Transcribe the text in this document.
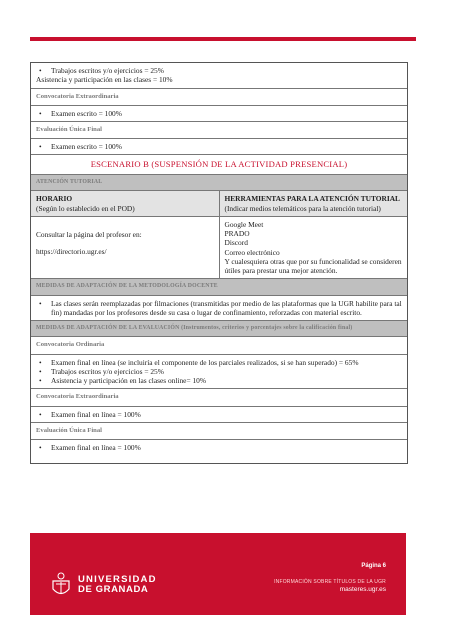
• Trabajos escritos y/o ejercicios = 25%
Asistencia y participación en las clases = 10%
Convocatoria Extraordinaria
• Examen escrito = 100%
Evaluación Única Final
• Examen escrito = 100%
ESCENARIO B (SUSPENSIÓN DE LA ACTIVIDAD PRESENCIAL)
ATENCIÓN TUTORIAL
HORARIO
(Según lo establecido en el POD)
HERRAMIENTAS PARA LA ATENCIÓN TUTORIAL
(Indicar medios telemáticos para la atención tutorial)
Consultar la página del profesor en:
https://directorio.ugr.es/
Google Meet
PRADO
Discord
Correo electrónico
Y cualesquiera otras que por su funcionalidad se consideren útiles para prestar una mejor atención.
MEDIDAS DE ADAPTACIÓN DE LA METODOLOGÍA DOCENTE
• Las clases serán reemplazadas por filmaciones (transmitidas por medio de las plataformas que la UGR habilite para tal fin) mandadas por los profesores desde su casa o lugar de confinamiento, reforzadas con material escrito.
MEDIDAS DE ADAPTACIÓN DE LA EVALUACIÓN (Instrumentos, criterios y porcentajes sobre la calificación final)
Convocatoria Ordinaria
• Examen final en línea (se incluiría el componente de los parciales realizados, si se han superado) = 65%
• Trabajos escritos y/o ejercicios = 25%
• Asistencia y participación en las clases online= 10%
Convocatoria Extraordinaria
• Examen final en línea = 100%
Evaluación Única Final
• Examen final en línea = 100%
UNIVERSIDAD
DE GRANADA
Página 6
INFORMACIÓN SOBRE TÍTULOS DE LA UGR
masteres.ugr.es
